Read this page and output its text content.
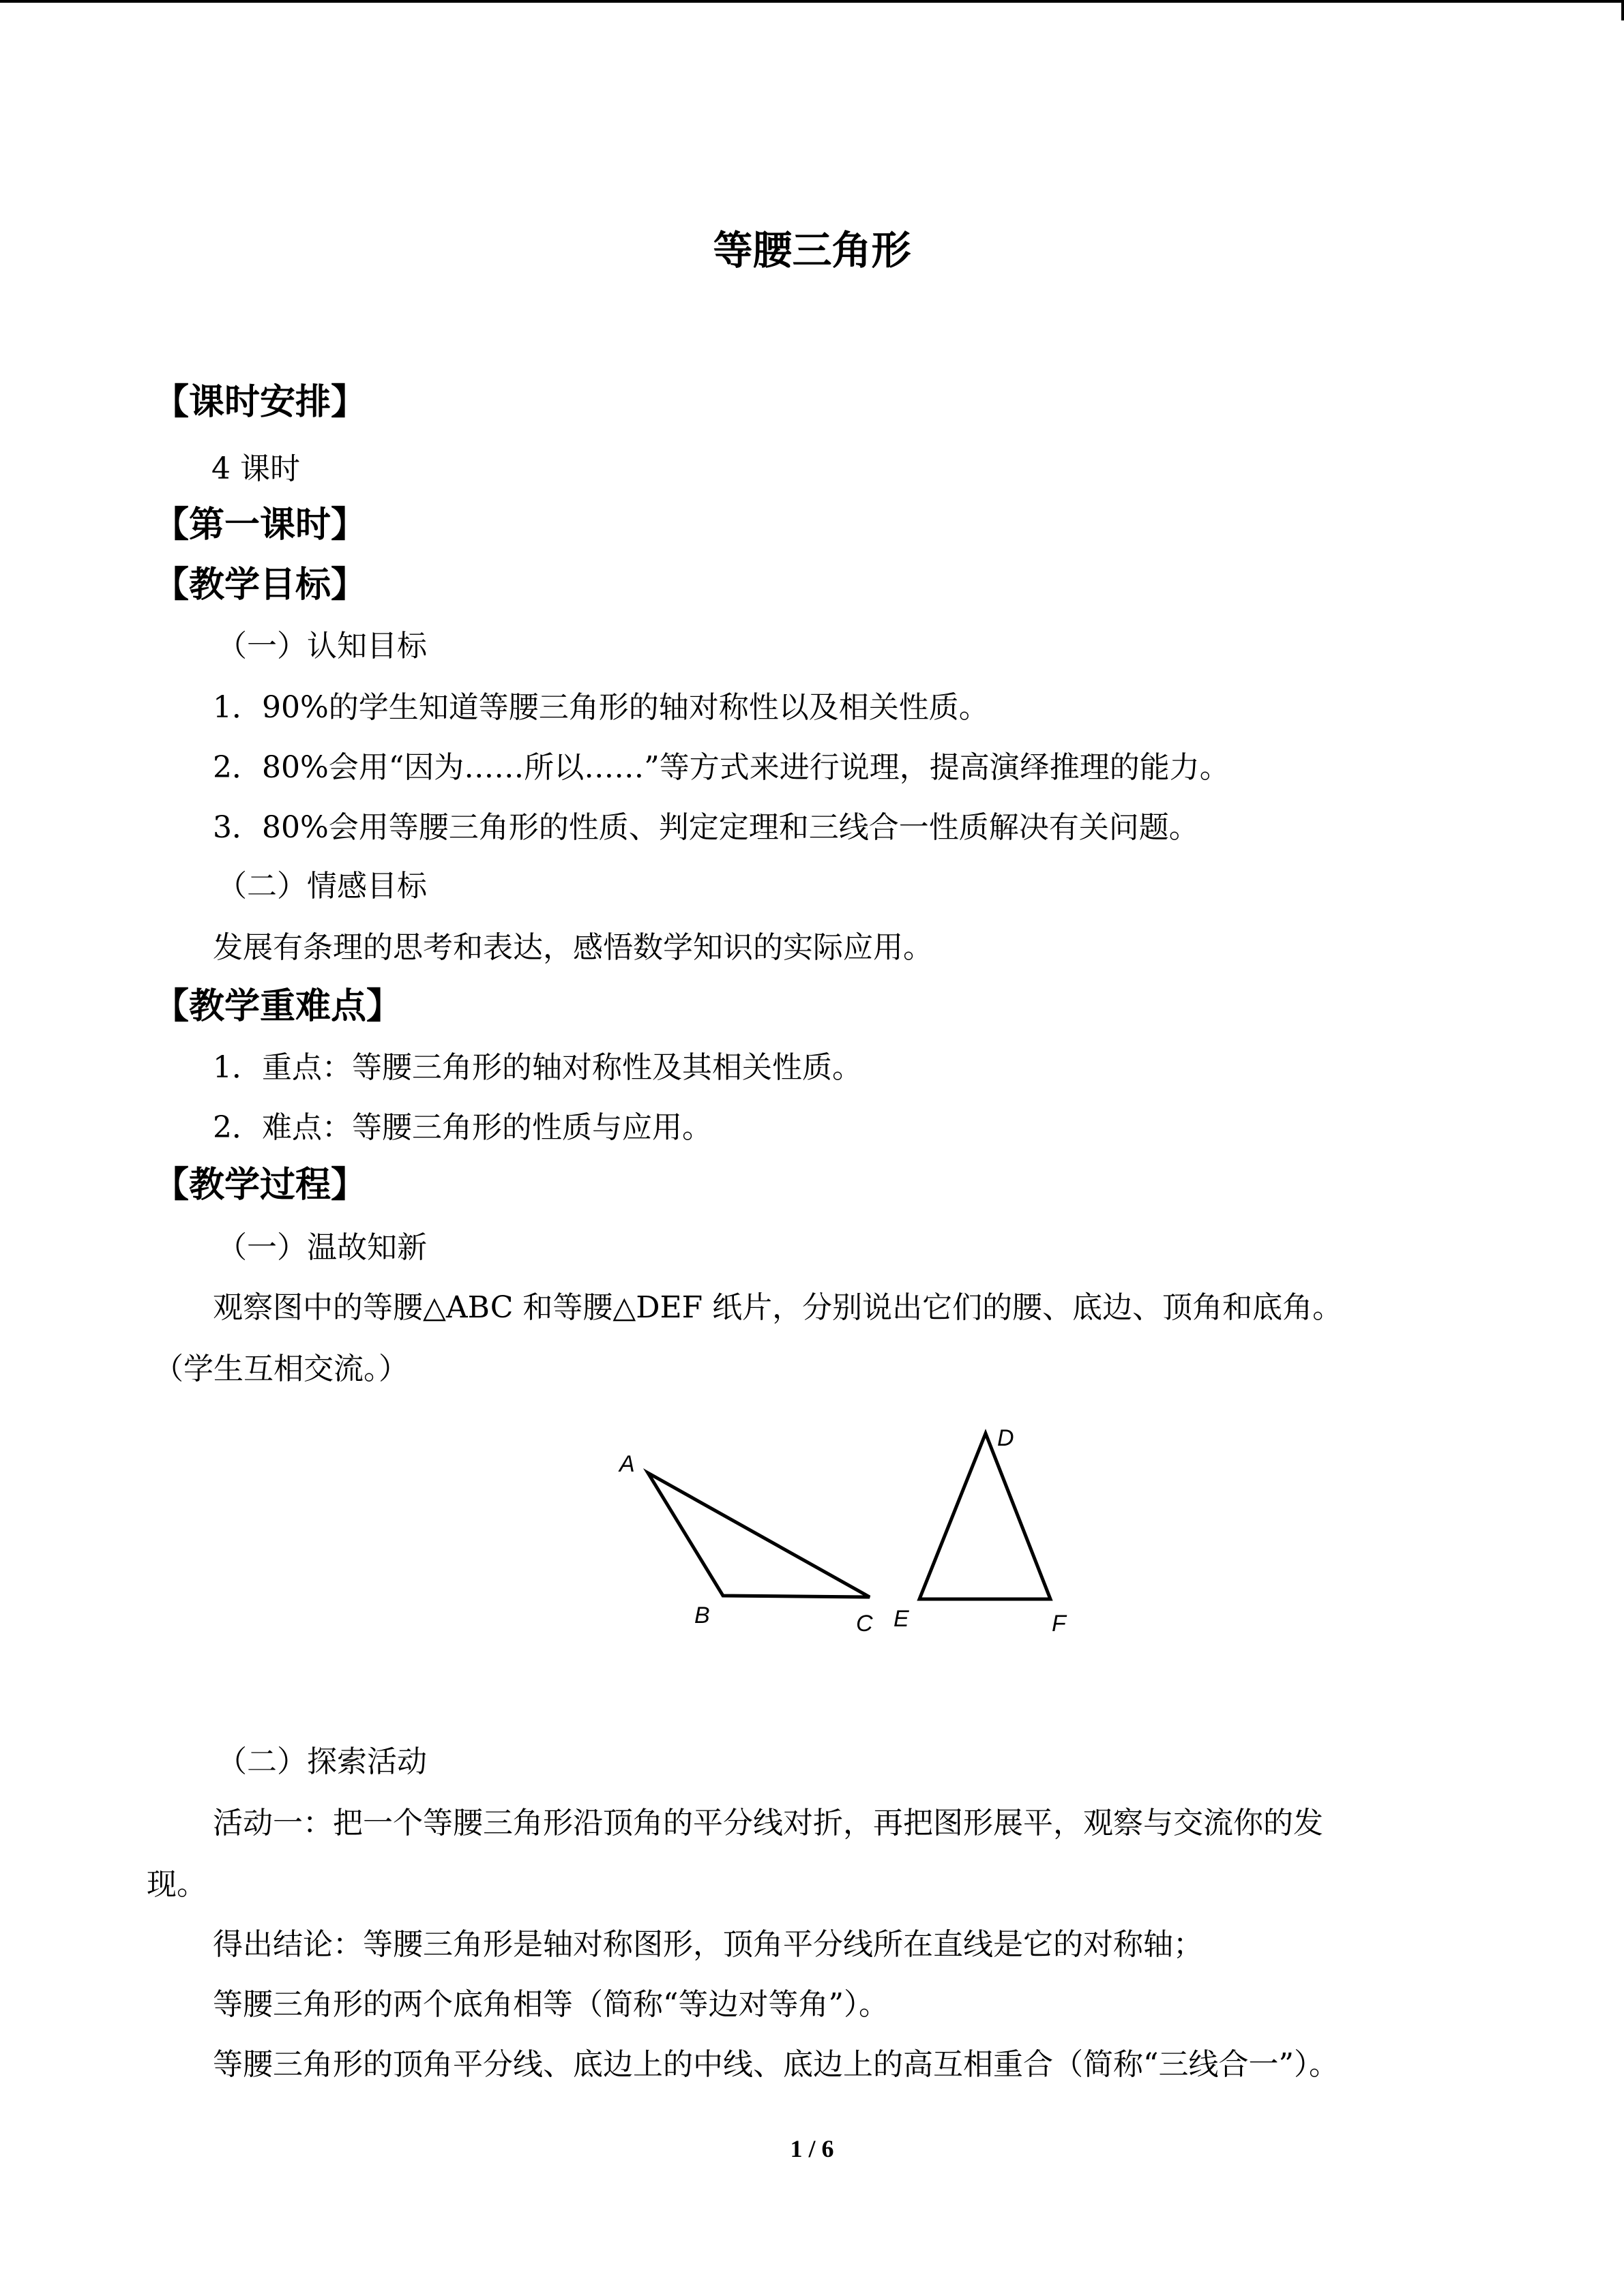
等腰三角形
【课时安排】
4 课时
【第一课时】
【教学目标】
（一）认知目标
1．90%的学生知道等腰三角形的轴对称性以及相关性质。
2．80%会用“因为……所以……”等方式来进行说理，提高演绎推理的能力。
3．80%会用等腰三角形的性质、判定定理和三线合一性质解决有关问题。
（二）情感目标
发展有条理的思考和表达，感悟数学知识的实际应用。
【教学重难点】
1．重点：等腰三角形的轴对称性及其相关性质。
2．难点：等腰三角形的性质与应用。
【教学过程】
（一）温故知新
观察图中的等腰△ABC 和等腰△DEF 纸片，分别说出它们的腰、底边、顶角和底角。
（学生互相交流。）
A
B	C
D
E	F
（二）探索活动
活动一：把一个等腰三角形沿顶角的平分线对折，再把图形展平，观察与交流你的发
现。
得出结论：等腰三角形是轴对称图形，顶角平分线所在直线是它的对称轴；
等腰三角形的两个底角相等（简称“等边对等角”）。
等腰三角形的顶角平分线、底边上的中线、底边上的高互相重合（简称“三线合一”）。
1 / 6
